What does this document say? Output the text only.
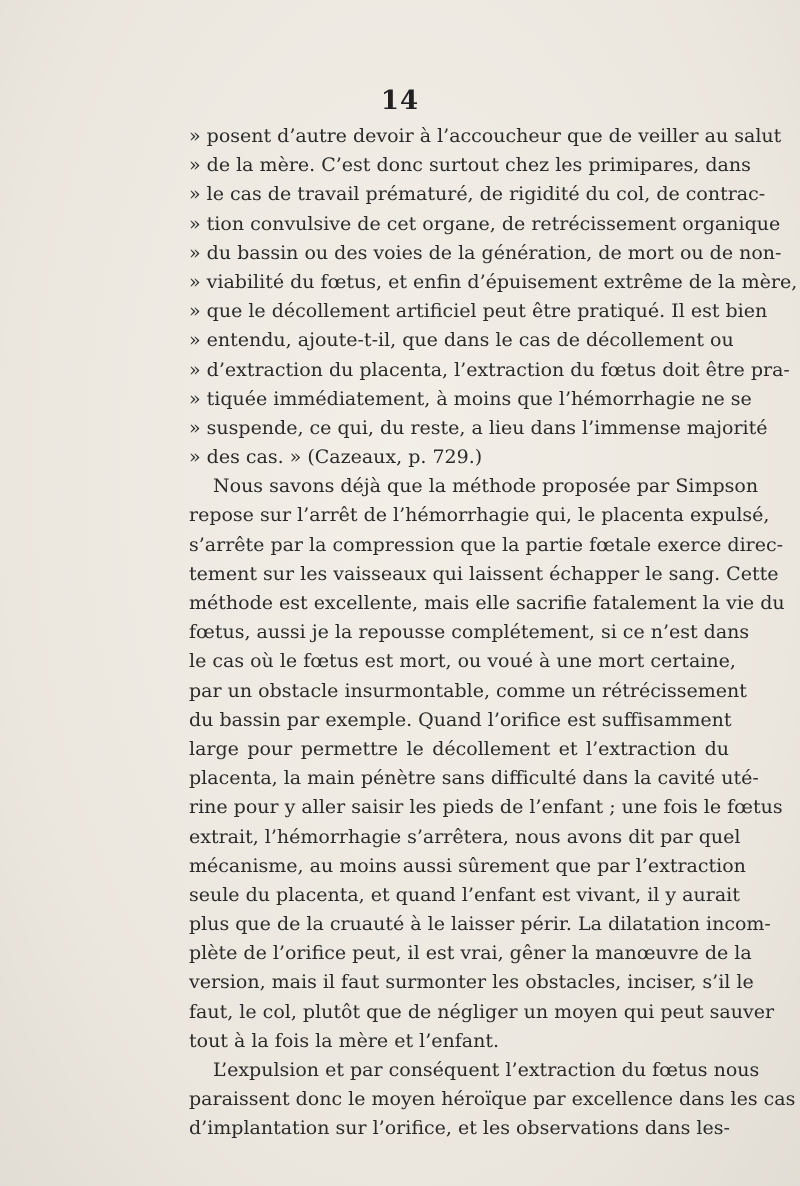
14
» posent d’autre devoir à l’accoucheur que de veiller au salut
» de la mère. C’est donc surtout chez les primipares, dans
» le cas de travail prématuré, de rigidité du col, de contrac-
» tion convulsive de cet organe, de retrécissement organique
» du bassin ou des voies de la génération, de mort ou de non-
» viabilité du fœtus, et enfin d’épuisement extrême de la mère,
» que le décollement artificiel peut être pratiqué. Il est bien
» entendu, ajoute-t-il, que dans le cas de décollement ou
» d’extraction du placenta, l’extraction du fœtus doit être pra-
» tiquée immédiatement, à moins que l’hémorrhagie ne se
» suspende, ce qui, du reste, a lieu dans l’immense majorité
» des cas. » (Cazeaux, p. 729.)
Nous savons déjà que la méthode proposée par Simpson
repose sur l’arrêt de l’hémorrhagie qui, le placenta expulsé,
s’arrête par la compression que la partie fœtale exerce direc-
tement sur les vaisseaux qui laissent échapper le sang. Cette
méthode est excellente, mais elle sacrifie fatalement la vie du
fœtus, aussi je la repousse complétement, si ce n’est dans
le cas où le fœtus est mort, ou voué à une mort certaine,
par un obstacle insurmontable, comme un rétrécissement
du bassin par exemple. Quand l’orifice est suffisamment
large pour permettre le décollement et l’extraction du
placenta, la main pénètre sans difficulté dans la cavité uté-
rine pour y aller saisir les pieds de l’enfant ; une fois le fœtus
extrait, l’hémorrhagie s’arrêtera, nous avons dit par quel
mécanisme, au moins aussi sûrement que par l’extraction
seule du placenta, et quand l’enfant est vivant, il y aurait
plus que de la cruauté à le laisser périr. La dilatation incom-
plète de l’orifice peut, il est vrai, gêner la manœuvre de la
version, mais il faut surmonter les obstacles, inciser, s’il le
faut, le col, plutôt que de négliger un moyen qui peut sauver
tout à la fois la mère et l’enfant.
L’expulsion et par conséquent l’extraction du fœtus nous
paraissent donc le moyen héroïque par excellence dans les cas
d’implantation sur l’orifice, et les observations dans les-
